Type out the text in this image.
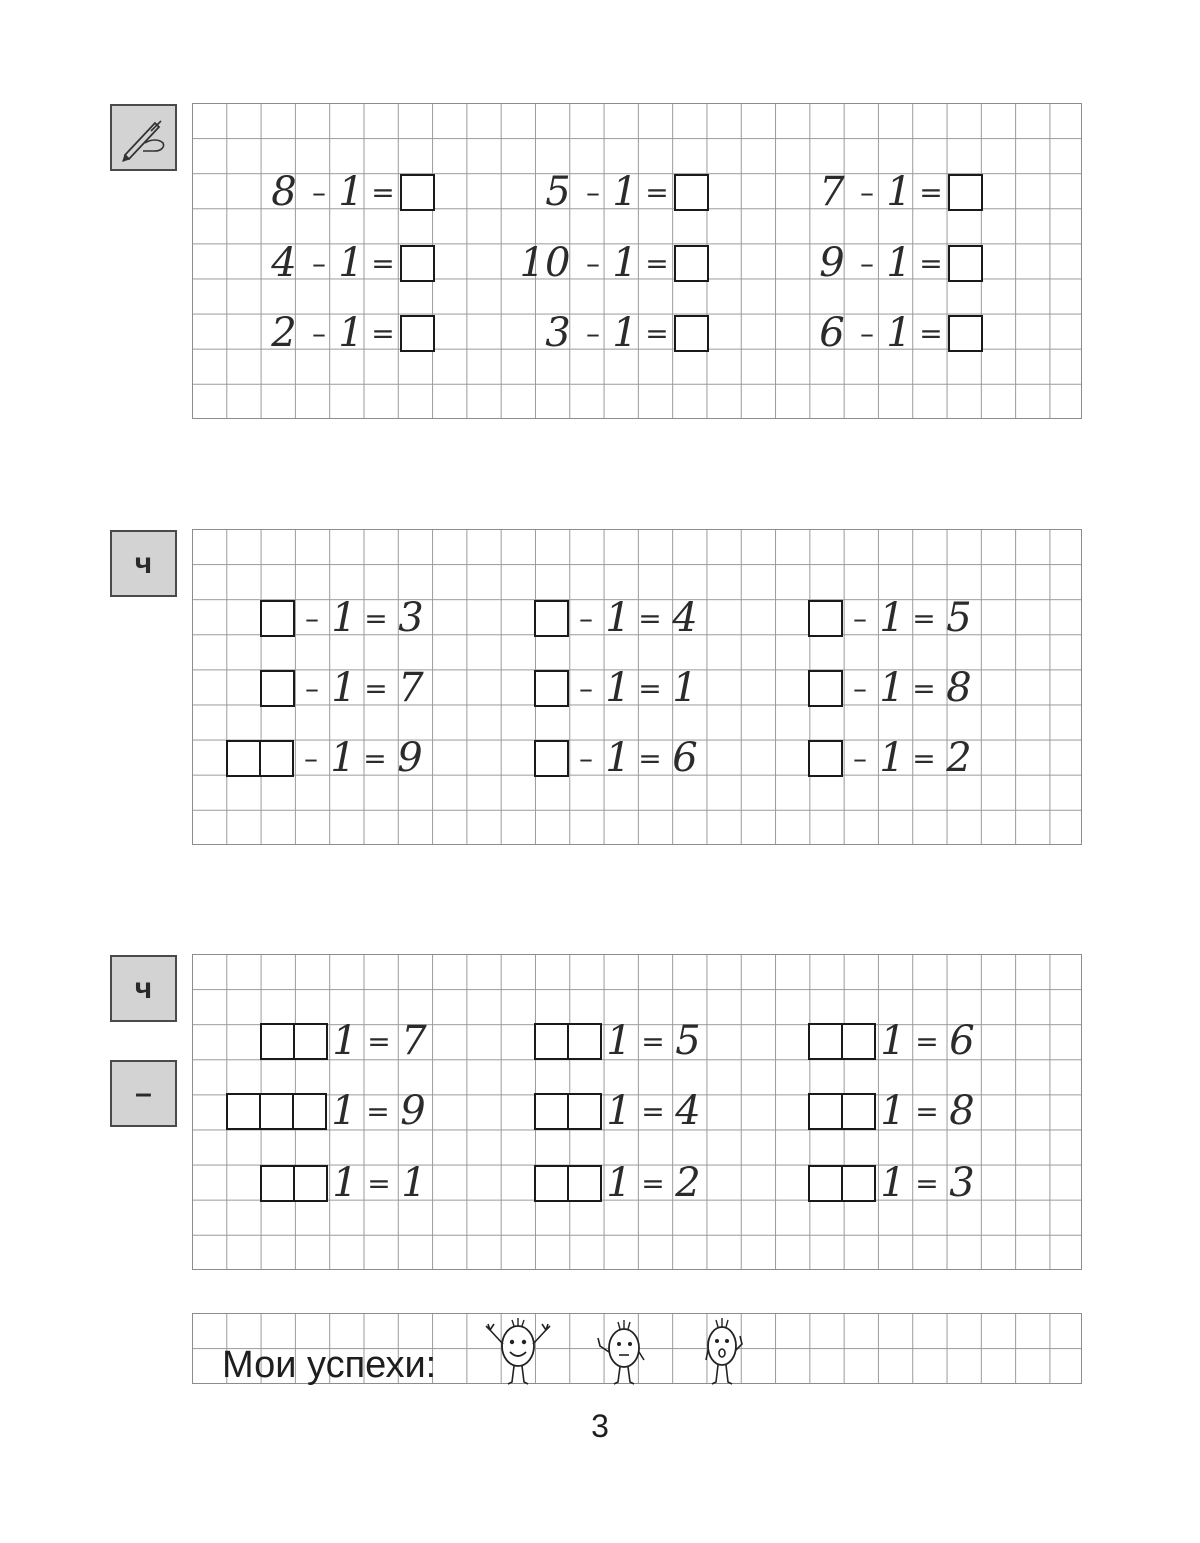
8 – 1 =	5 – 1 =	7 – 1 =
4 – 1 =	10 – 1 =	9 – 1 =
2 – 1 =	3 – 1 =	6 – 1 =
ч
– 1 = 3	– 1 = 4	– 1 = 5
– 1 = 7	– 1 = 1	– 1 = 8
– 1 = 9	– 1 = 6	– 1 = 2
ч
–
1 = 7	1 = 5	1 = 6
1 = 9	1 = 4	1 = 8
1 = 1	1 = 2	1 = 3
Мои успехи:
3
